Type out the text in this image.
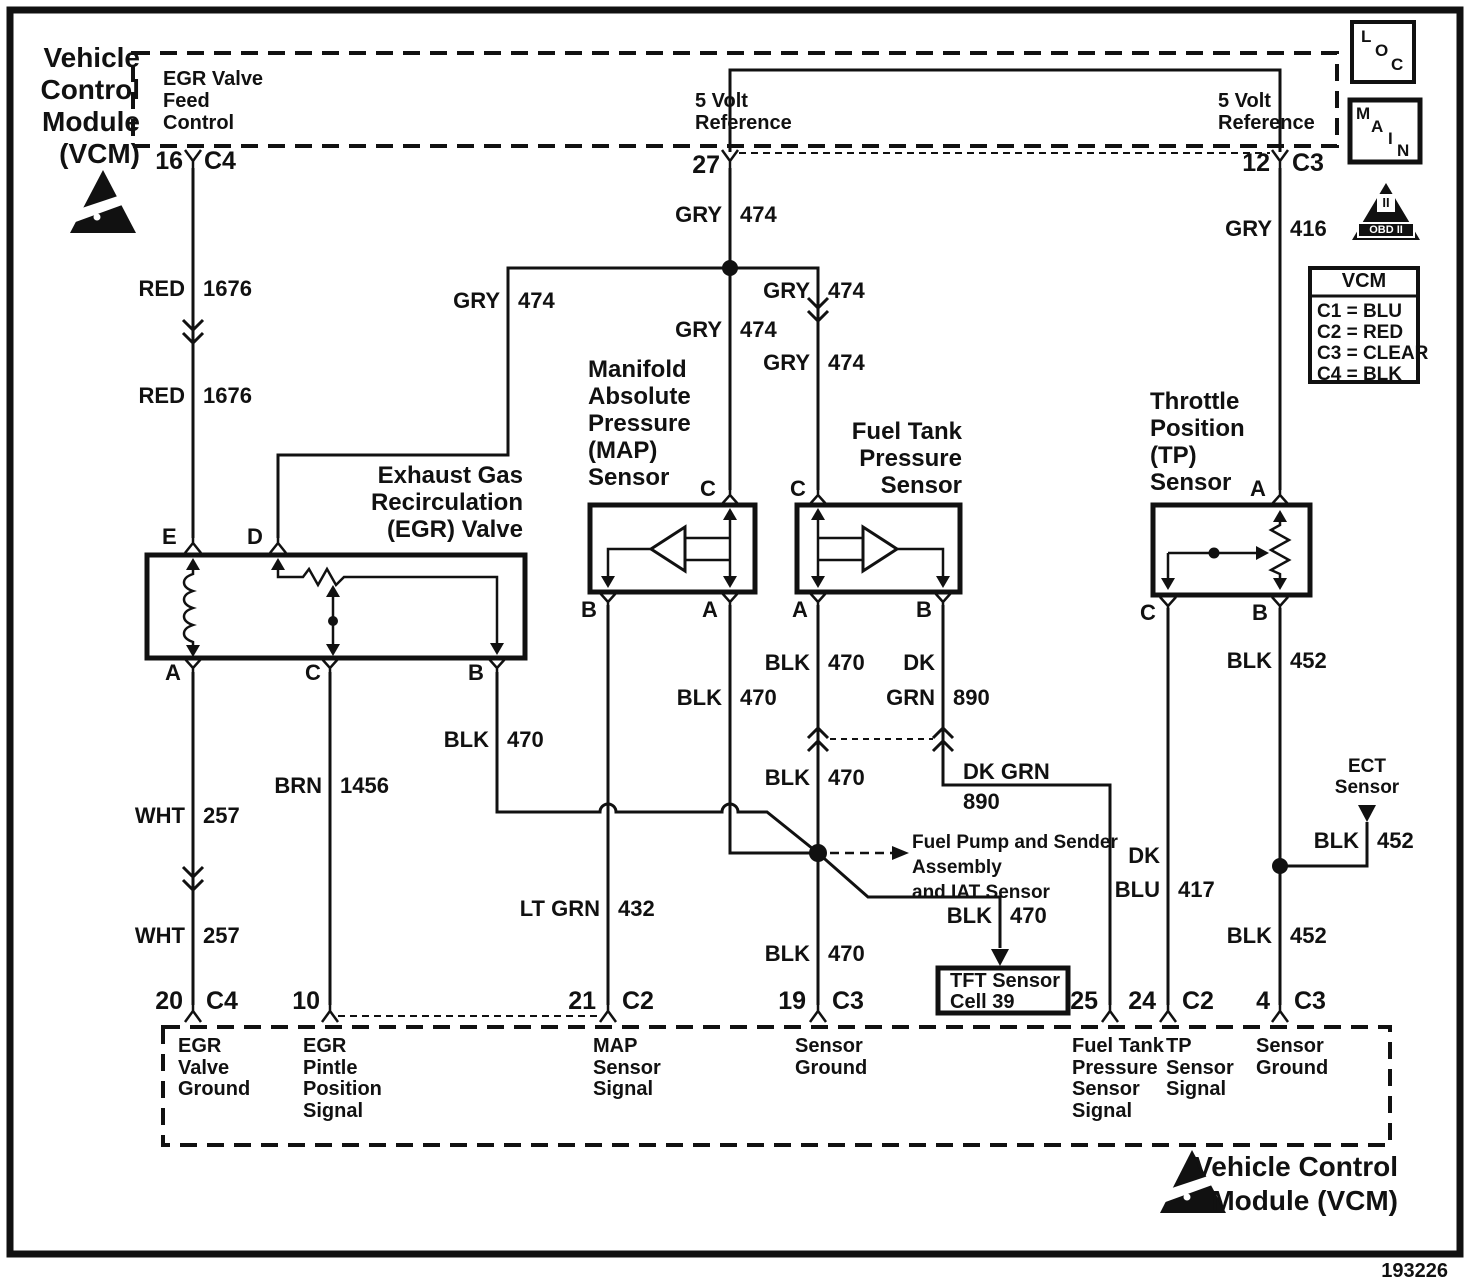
Vehicle
Control
Module
(VCM)
EGR Valve
Feed
Control
5 Volt
Reference
5 Volt
Reference
16 C4	27	12 C3
RED 1676
RED 1676
GRY 474
GRY 474	GRY 474
GRY 474
GRY 474
GRY 416
WHT 257
WHT 257
BRN 1456
BLK 470
BLK 470
BLK 470 DK
GRN 890
BLK 470
BLK 470
BLK 470
DK
BLU 417
BLK 452
BLK 452
BLK 452
LT GRN 432
DK GRN
890
Exhaust Gas
Recirculation
(EGR) Valve
Manifold
Absolute
Pressure
(MAP)
Sensor
Fuel Tank
Pressure
Sensor
Throttle
Position
(TP)
Sensor
E	D
A	C	B
C
B	A
C
A	B
A
C	B
Fuel Pump and Sender
Assembly
and IAT Sensor
TFT Sensor
Cell 39
ECT
Sensor
20 C4	10	21 C2	19 C3	25	24 C2	4 C3
EGR
Valve
Ground
EGR
Pintle
Position
Signal
MAP
Sensor
Signal
Sensor
Ground
Fuel Tank
Pressure
Sensor
Signal
TP
Sensor
Signal
Sensor
Ground
Vehicle Control
Module (VCM)
193226
L
O
C
M
A
I
N
II
OBD II
VCM
C1 = BLU
C2 = RED
C3 = CLEAR
C4 = BLK
